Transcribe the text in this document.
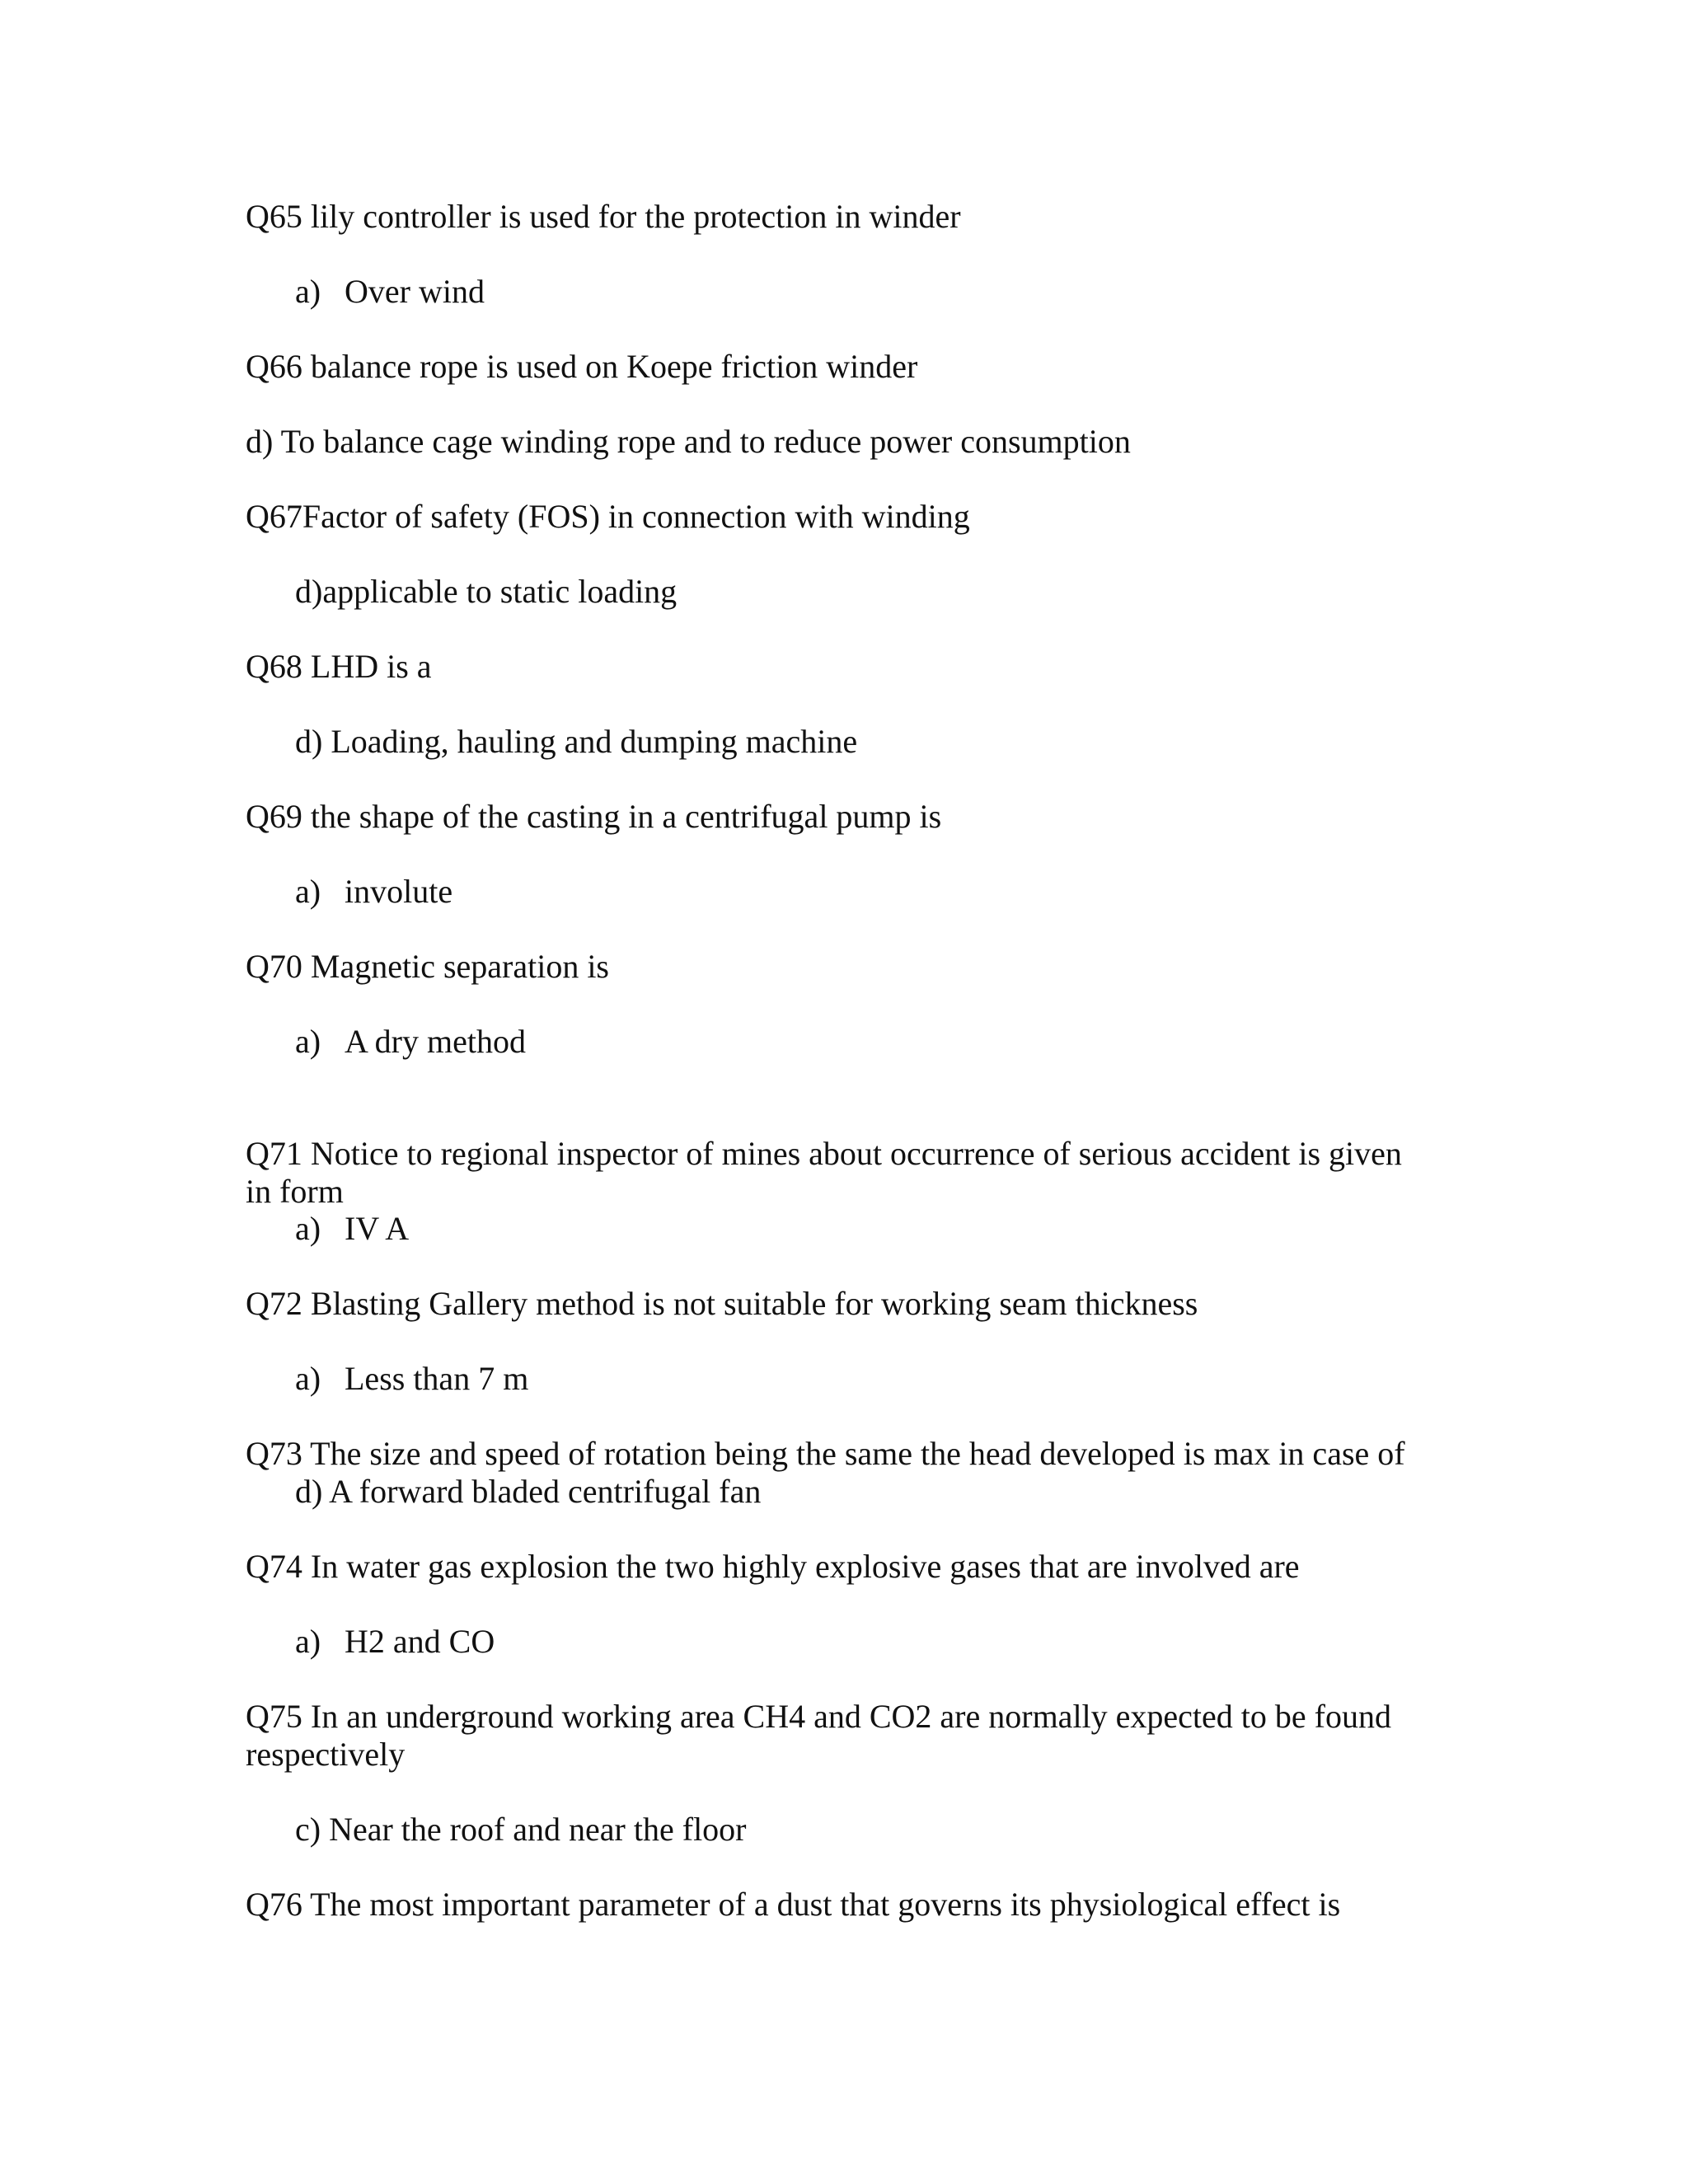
Q65 lily controller is used for the protection in winder
a) Over wind
Q66 balance rope is used on Koepe friction winder
d) To balance cage winding rope and to reduce power consumption
Q67Factor of safety (FOS) in connection with winding
d)applicable to static loading
Q68 LHD is a
d) Loading, hauling and dumping machine
Q69 the shape of the casting in a centrifugal pump is
a) involute
Q70 Magnetic separation is
a) A dry method
Q71 Notice to regional inspector of mines about occurrence of serious accident is given in form
a) IV A
Q72 Blasting Gallery method is not suitable for working seam thickness
a) Less than 7 m
Q73 The size and speed of rotation being the same the head developed is max in case of
d) A forward bladed centrifugal fan
Q74 In water gas explosion the two highly explosive gases that are involved are
a) H2 and CO
Q75 In an underground working area CH4 and CO2 are normally expected to be found respectively
c) Near the roof and near the floor
Q76 The most important parameter of a dust that governs its physiological effect is
